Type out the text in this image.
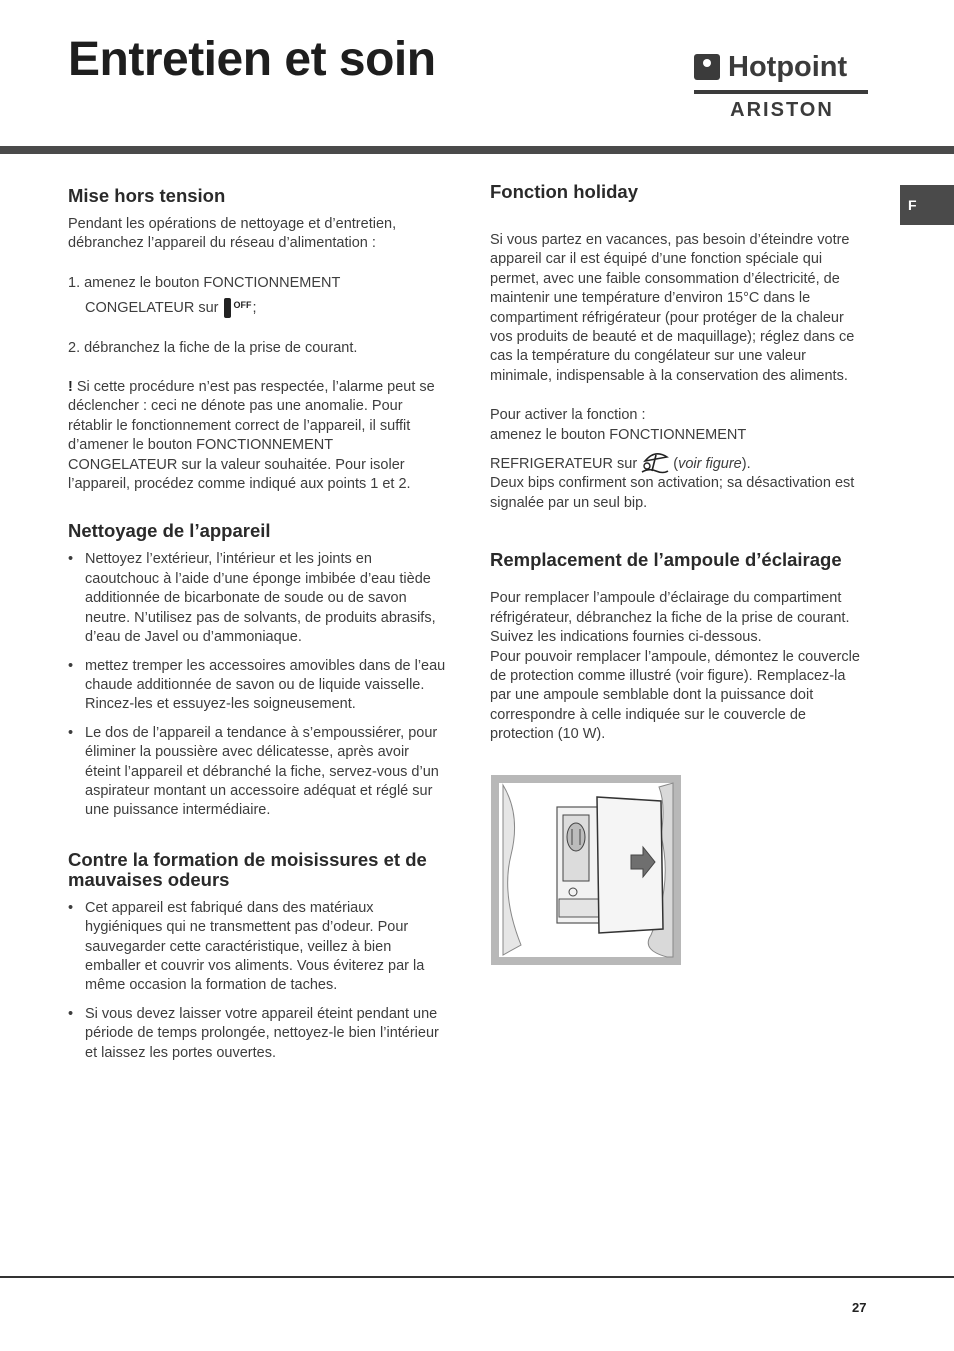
Entretien et soin	Hotpoint
ARISTON
F
Mise hors tension

Pendant les opérations de nettoyage et d’entretien, débranchez l’appareil du réseau d’alimentation :

1. amenez le bouton FONCTIONNEMENT

CONGELATEUR sur OFF ;

2. débranchez la fiche de la prise de courant.

! Si cette procédure n’est pas respectée, l’alarme peut se déclencher : ceci ne dénote pas une anomalie. Pour rétablir le fonctionnement correct de l’appareil, il suffit d’amener le bouton FONCTIONNEMENT CONGELATEUR sur la valeur souhaitée. Pour isoler l’appareil, procédez comme indiqué aux points 1 et 2.

Nettoyage de l’appareil
• Nettoyez l’extérieur, l’intérieur et les joints en caoutchouc à l’aide d’une éponge imbibée d’eau tiède additionnée de bicarbonate de soude ou de savon neutre. N’utilisez pas de solvants, de produits abrasifs, d’eau de Javel ou d’ammoniaque.
• mettez tremper les accessoires amovibles dans de l’eau chaude additionnée de savon ou de liquide vaisselle. Rincez-les et essuyez-les soigneusement.
• Le dos de l’appareil a tendance à s’empoussiérer, pour éliminer la poussière avec délicatesse, après avoir éteint l’appareil et débranché la fiche, servez-vous d’un aspirateur montant un accessoire adéquat et réglé sur une puissance intermédiaire.
Contre la formation de moisissures et de mauvaises odeurs
• Cet appareil est fabriqué dans des matériaux hygiéniques qui ne transmettent pas d’odeur. Pour sauvegarder cette caractéristique, veillez à bien emballer et couvrir vos aliments. Vous éviterez par la même occasion la formation de taches.
• Si vous devez laisser votre appareil éteint pendant une période de temps prolongée, nettoyez-le bien l’intérieur et laissez les portes ouvertes.
Fonction holiday

Si vous partez en vacances, pas besoin d’éteindre votre appareil car il est équipé d’une fonction spéciale qui permet, avec une faible consommation d’électricité, de maintenir une température d’environ 15°C dans le compartiment réfrigérateur (pour protéger de la chaleur vos produits de beauté et de maquillage); réglez dans ce cas la température du congélateur sur une valeur minimale, indispensable à la conservation des aliments.

Pour activer la fonction :

amenez le bouton FONCTIONNEMENT

REFRIGERATEUR sur  (voir figure).

Deux bips confirment son activation; sa désactivation est signalée par un seul bip.

Remplacement de l’ampoule d’éclairage

Pour remplacer l’ampoule d’éclairage du compartiment réfrigérateur, débranchez la fiche de la prise de courant. Suivez les indications fournies ci-dessous.

Pour pouvoir remplacer l’ampoule, démontez le couvercle de protection comme illustré (voir figure). Remplacez-la par une ampoule semblable dont la puissance doit correspondre à celle indiquée sur le couvercle de protection (10 W).

27
